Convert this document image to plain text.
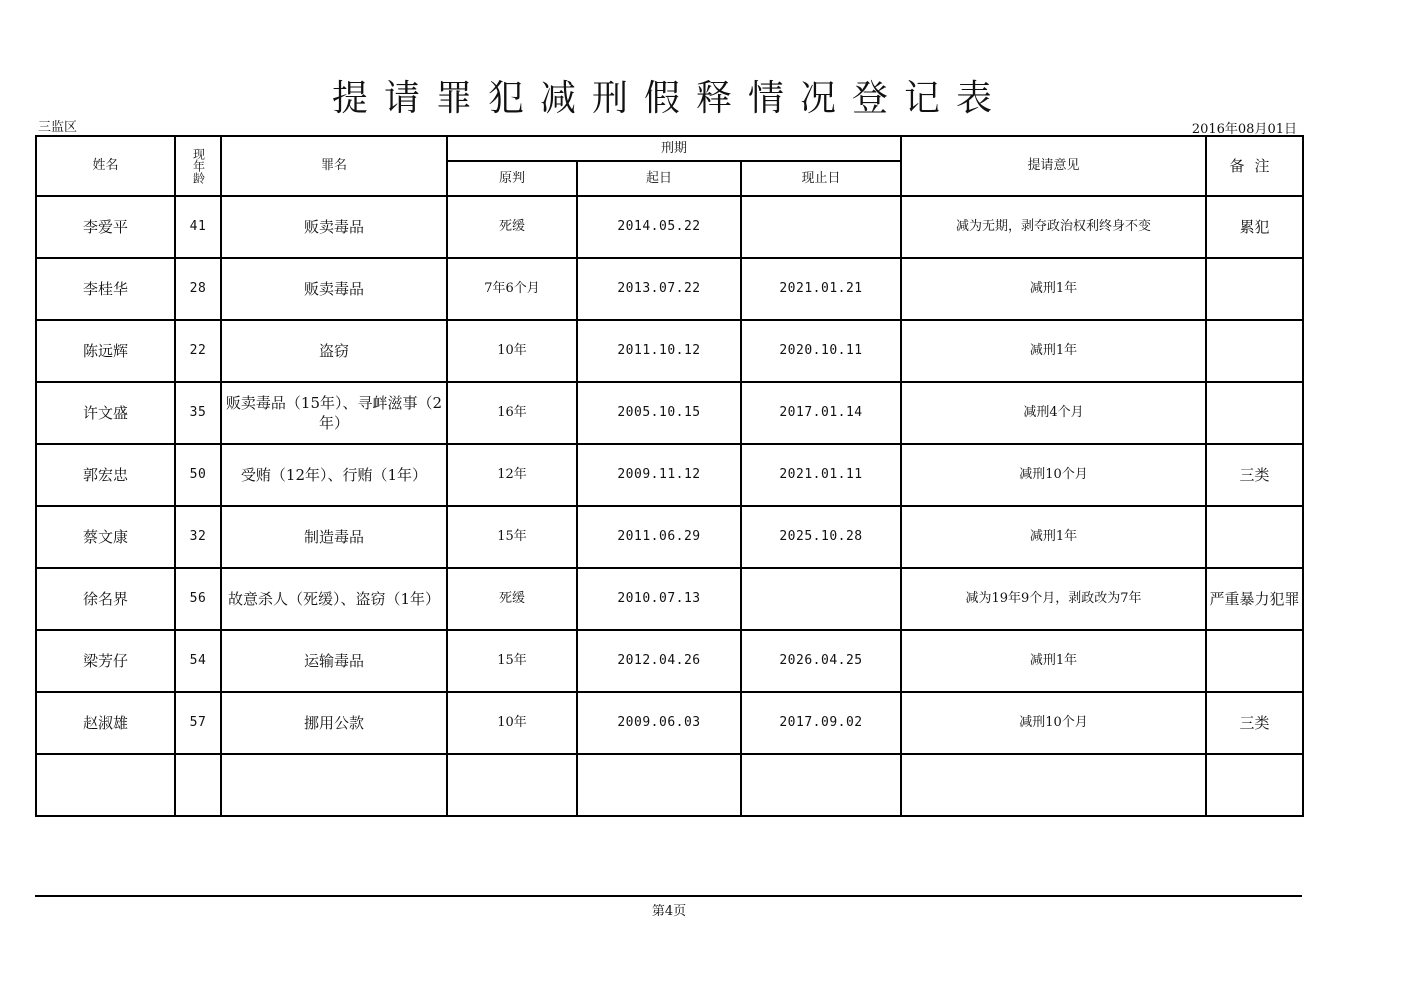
提请罪犯减刑假释情况登记表
三监区	2016年08月01日
姓名	现年龄	罪名	刑期			提请意见	备注
			原判	起日	现止日		
李爱平	41	贩卖毒品	死缓	2014.05.22		减为无期，剥夺政治权利终身不变	累犯
李桂华	28	贩卖毒品	7年6个月	2013.07.22	2021.01.21	减刑1年	
陈远辉	22	盗窃	10年	2011.10.12	2020.10.11	减刑1年	
许文盛	35	贩卖毒品（15年）、寻衅滋事（2年）	16年	2005.10.15	2017.01.14	减刑4个月	
郭宏忠	50	受贿（12年）、行贿（1年）	12年	2009.11.12	2021.01.11	减刑10个月	三类
蔡文康	32	制造毒品	15年	2011.06.29	2025.10.28	减刑1年	
徐名界	56	故意杀人（死缓）、盗窃（1年）	死缓	2010.07.13		减为19年9个月，剥政改为7年	严重暴力犯罪
梁芳仔	54	运输毒品	15年	2012.04.26	2026.04.25	减刑1年	
赵淑雄	57	挪用公款	10年	2009.06.03	2017.09.02	减刑10个月	三类

第4页
